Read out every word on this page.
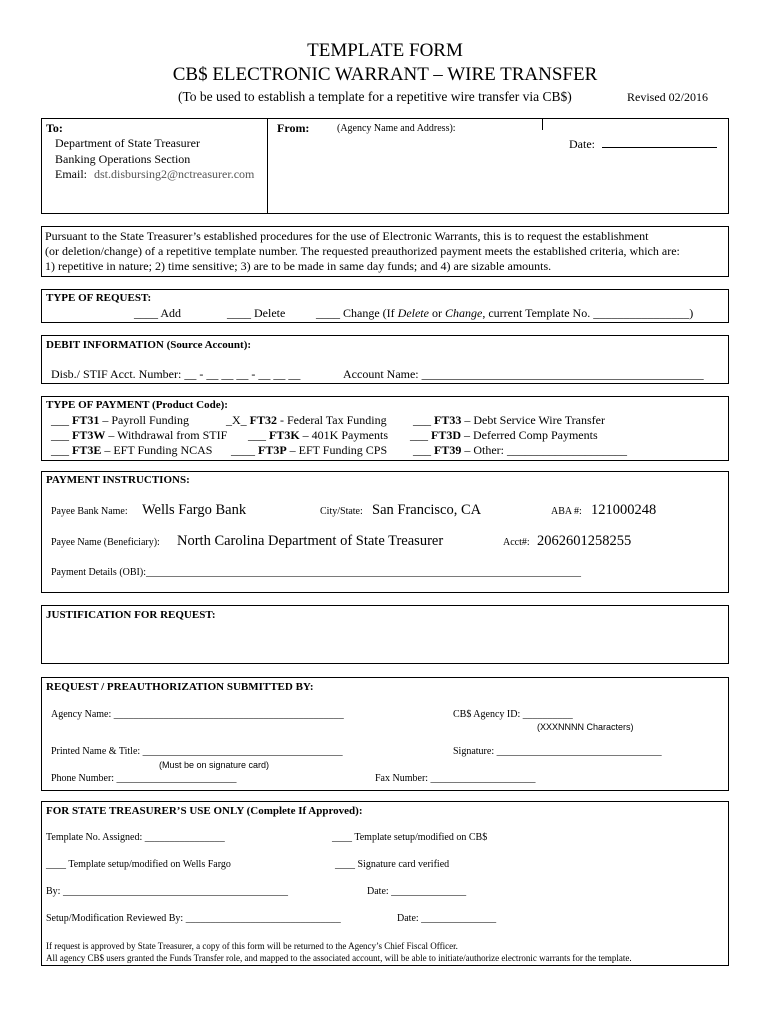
TEMPLATE FORM
CB$ ELECTRONIC WARRANT – WIRE TRANSFER
(To be used to establish a template for a repetitive wire transfer via CB$)	Revised 02/2016
To:
Department of State Treasurer
Banking Operations Section
Email: dst.disbursing2@nctreasurer.com
From:	(Agency Name and Address):
Date:
Pursuant to the State Treasurer’s established procedures for the use of Electronic Warrants, this is to request the establishment
(or deletion/change) of a repetitive template number. The requested preauthorized payment meets the established criteria, which are:
1) repetitive in nature; 2) time sensitive; 3) are to be made in same day funds; and 4) are sizable amounts.
TYPE OF REQUEST:
____ Add	____ Delete	____ Change (If Delete or Change, current Template No. ________________)
DEBIT INFORMATION (Source Account):
Disb./ STIF Acct. Number: __ - __ __ __ - __ __ __	Account Name: _______________________________________________
TYPE OF PAYMENT (Product Code):
___ FT31 – Payroll Funding	_X_ FT32 - Federal Tax Funding ___ FT33 – Debt Service Wire Transfer
___ FT3W – Withdrawal from STIF ___ FT3K – 401K Payments ___ FT3D – Deferred Comp Payments
___ FT3E – EFT Funding NCAS ____ FT3P – EFT Funding CPS ___ FT39 – Other: ____________________
PAYMENT INSTRUCTIONS:
Payee Bank Name: Wells Fargo Bank	City/State: San Francisco, CA	ABA #: 121000248
Payee Name (Beneficiary): North Carolina Department of State Treasurer	Acct#: 2062601258255
Payment Details (OBI):_______________________________________________________________________________________
JUSTIFICATION FOR REQUEST:
REQUEST / PREAUTHORIZATION SUBMITTED BY:
Agency Name: ______________________________________________	CB$ Agency ID: __________
(XXXNNNN Characters)
Printed Name & Title: ________________________________________
(Must be on signature card)
Signature: _________________________________
Phone Number: ________________________	Fax Number: _____________________
FOR STATE TREASURER’S USE ONLY (Complete If Approved):
Template No. Assigned: ________________	____ Template setup/modified on CB$
____ Template setup/modified on Wells Fargo	____ Signature card verified
By: _____________________________________________	Date: _______________
Setup/Modification Reviewed By: _______________________________	Date: _______________
If request is approved by State Treasurer, a copy of this form will be returned to the Agency’s Chief Fiscal Officer.
All agency CB$ users granted the Funds Transfer role, and mapped to the associated account, will be able to initiate/authorize electronic warrants for the template.
